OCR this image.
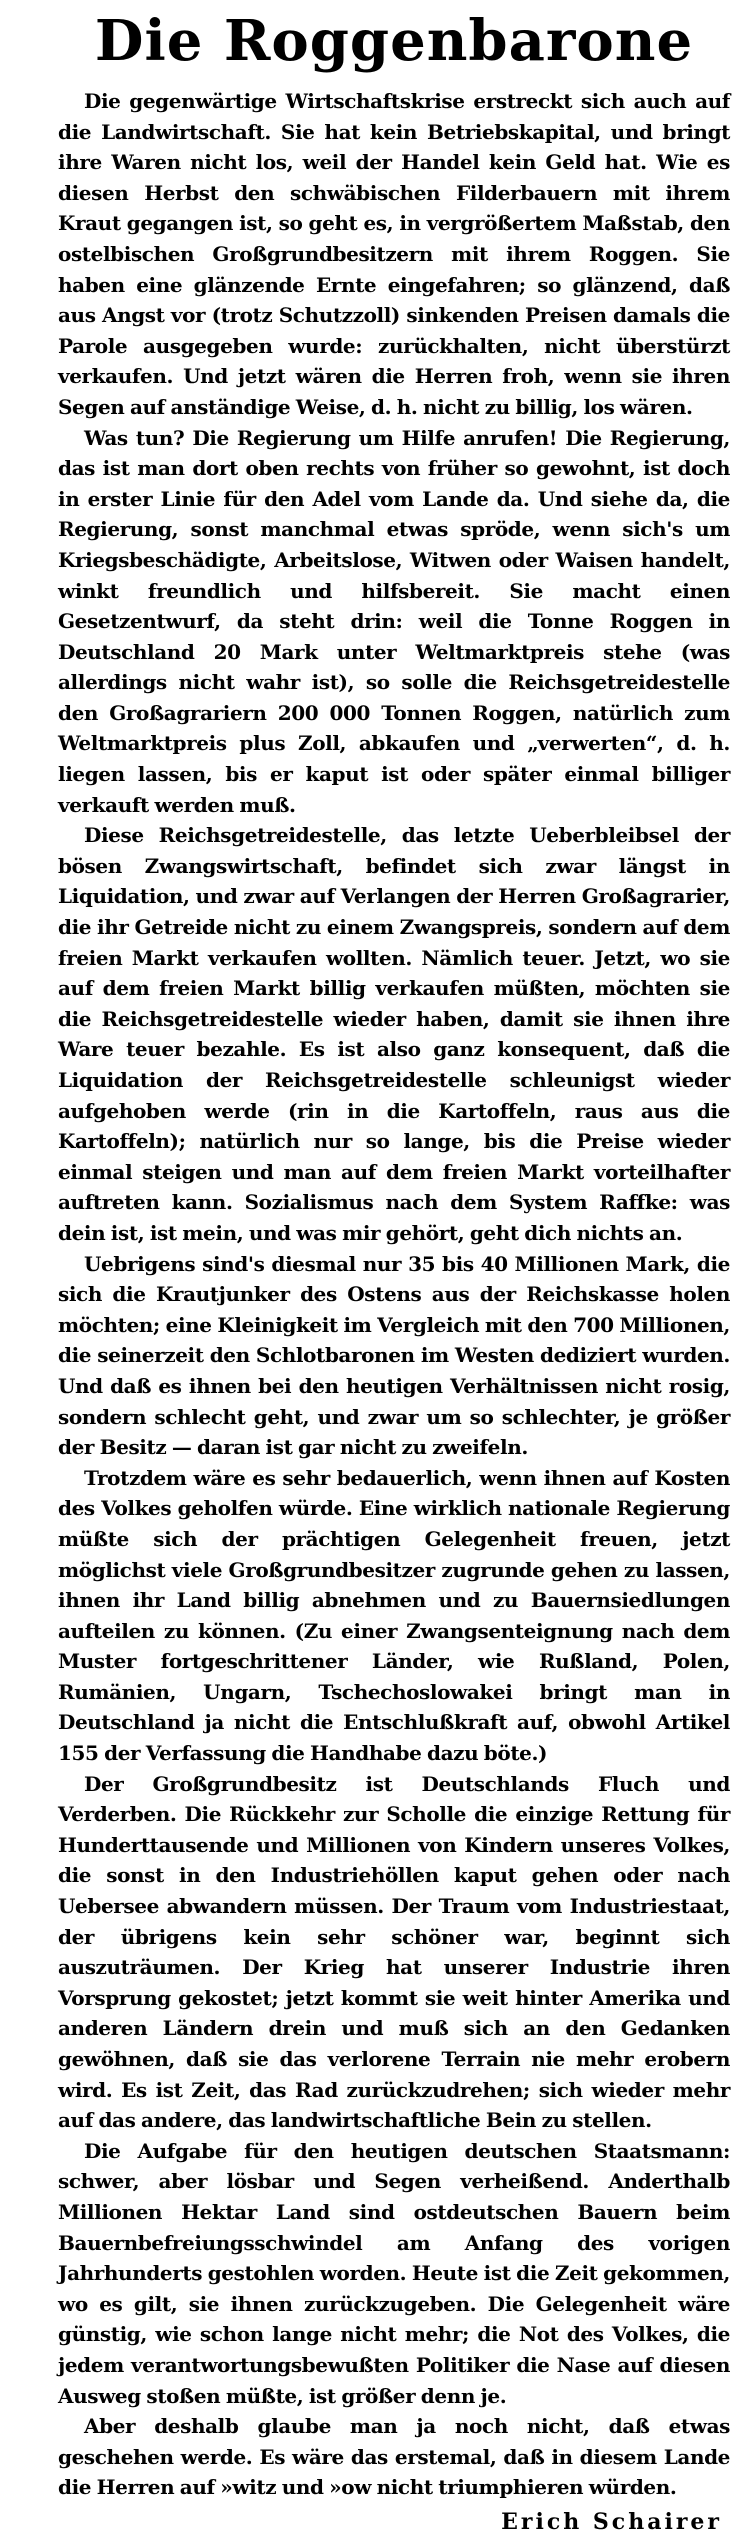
Die Roggenbarone

Die gegenwärtige Wirtschaftskrise erstreckt sich auch auf die Landwirtschaft. Sie hat kein Betriebskapital, und bringt ihre Waren nicht los, weil der Handel kein Geld hat. Wie es diesen Herbst den schwäbischen Filderbauern mit ihrem Kraut gegangen ist, so geht es, in vergrößertem Maßstab, den ostelbischen Großgrundbesitzern mit ihrem Roggen. Sie haben eine glänzende Ernte eingefahren; so glänzend, daß aus Angst vor (trotz Schutzzoll) sinkenden Preisen damals die Parole ausgegeben wurde: zurückhalten, nicht überstürzt verkaufen. Und jetzt wären die Herren froh, wenn sie ihren Segen auf anständige Weise, d. h. nicht zu billig, los wären.

Was tun? Die Regierung um Hilfe anrufen! Die Regierung, das ist man dort oben rechts von früher so gewohnt, ist doch in erster Linie für den Adel vom Lande da. Und siehe da, die Regierung, sonst manchmal etwas spröde, wenn sich's um Kriegsbeschädigte, Arbeitslose, Witwen oder Waisen handelt, winkt freundlich und hilfsbereit. Sie macht einen Gesetzentwurf, da steht drin: weil die Tonne Roggen in Deutschland 20 Mark unter Weltmarktpreis stehe (was allerdings nicht wahr ist), so solle die Reichsgetreidestelle den Großagrariern 200 000 Tonnen Roggen, natürlich zum Weltmarktpreis plus Zoll, abkaufen und „verwerten“, d. h. liegen lassen, bis er kaput ist oder später einmal billiger verkauft werden muß.

Diese Reichsgetreidestelle, das letzte Ueberbleibsel der bösen Zwangswirtschaft, befindet sich zwar längst in Liquidation, und zwar auf Verlangen der Herren Großagrarier, die ihr Getreide nicht zu einem Zwangspreis, sondern auf dem freien Markt verkaufen wollten. Nämlich teuer. Jetzt, wo sie auf dem freien Markt billig verkaufen müßten, möchten sie die Reichsgetreidestelle wieder haben, damit sie ihnen ihre Ware teuer bezahle. Es ist also ganz konsequent, daß die Liquidation der Reichsgetreidestelle schleunigst wieder aufgehoben werde (rin in die Kartoffeln, raus aus die Kartoffeln); natürlich nur so lange, bis die Preise wieder einmal steigen und man auf dem freien Markt vorteilhafter auftreten kann. Sozialismus nach dem System Raffke: was dein ist, ist mein, und was mir gehört, geht dich nichts an.

Uebrigens sind's diesmal nur 35 bis 40 Millionen Mark, die sich die Krautjunker des Ostens aus der Reichskasse holen möchten; eine Kleinigkeit im Vergleich mit den 700 Millionen, die seinerzeit den Schlotbaronen im Westen dediziert wurden. Und daß es ihnen bei den heutigen Verhältnissen nicht rosig, sondern schlecht geht, und zwar um so schlechter, je größer der Besitz — daran ist gar nicht zu zweifeln.

Trotzdem wäre es sehr bedauerlich, wenn ihnen auf Kosten des Volkes geholfen würde. Eine wirklich nationale Regierung müßte sich der prächtigen Gelegenheit freuen, jetzt möglichst viele Großgrundbesitzer zugrunde gehen zu lassen, ihnen ihr Land billig abnehmen und zu Bauernsiedlungen aufteilen zu können. (Zu einer Zwangsenteignung nach dem Muster fortgeschrittener Länder, wie Rußland, Polen, Rumänien, Ungarn, Tschechoslowakei bringt man in Deutschland ja nicht die Entschlußkraft auf, obwohl Artikel 155 der Verfassung die Handhabe dazu böte.)

Der Großgrundbesitz ist Deutschlands Fluch und Verderben. Die Rückkehr zur Scholle die einzige Rettung für Hunderttausende und Millionen von Kindern unseres Volkes, die sonst in den Industriehöllen kaput gehen oder nach Uebersee abwandern müssen. Der Traum vom Industriestaat, der übrigens kein sehr schöner war, beginnt sich auszuträumen. Der Krieg hat unserer Industrie ihren Vorsprung gekostet; jetzt kommt sie weit hinter Amerika und anderen Ländern drein und muß sich an den Gedanken gewöhnen, daß sie das verlorene Terrain nie mehr erobern wird. Es ist Zeit, das Rad zurückzudrehen; sich wieder mehr auf das andere, das landwirtschaftliche Bein zu stellen.

Die Aufgabe für den heutigen deutschen Staatsmann: schwer, aber lösbar und Segen verheißend. Anderthalb Millionen Hektar Land sind ostdeutschen Bauern beim Bauernbefreiungsschwindel am Anfang des vorigen Jahrhunderts gestohlen worden. Heute ist die Zeit gekommen, wo es gilt, sie ihnen zurückzugeben. Die Gelegenheit wäre günstig, wie schon lange nicht mehr; die Not des Volkes, die jedem verantwortungsbewußten Politiker die Nase auf diesen Ausweg stoßen müßte, ist größer denn je.

Aber deshalb glaube man ja noch nicht, daß etwas geschehen werde. Es wäre das erstemal, daß in diesem Lande die Herren auf »witz und »ow nicht triumphieren würden.

Erich Schairer
